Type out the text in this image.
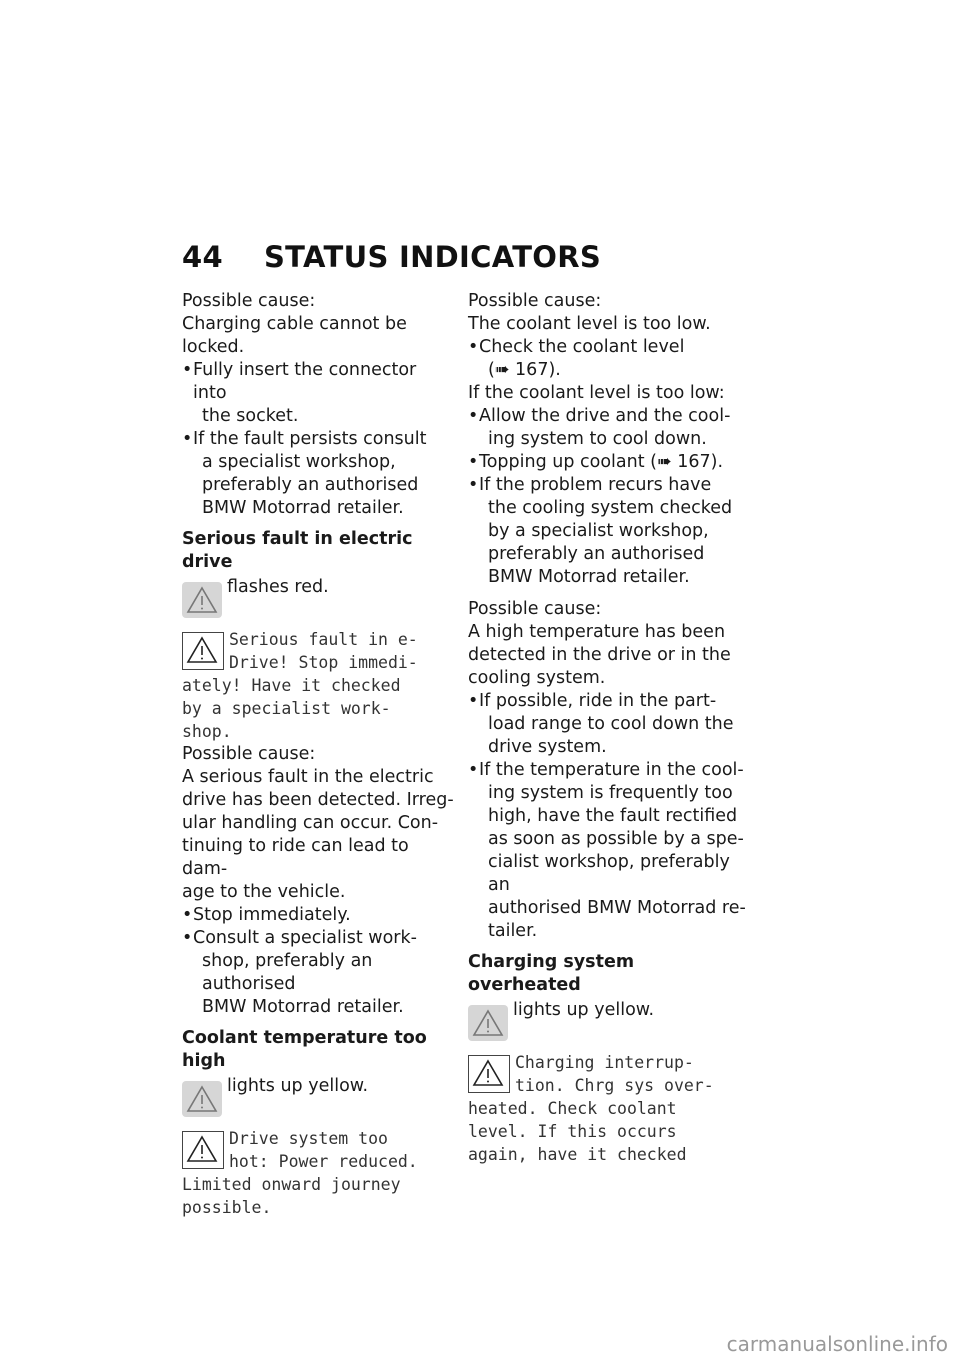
44 STATUS INDICATORS

Possible cause:

Charging cable cannot be locked.

• Fully insert the connector into
the socket.
• If the fault persists consult
a specialist workshop,
preferably an authorised
BMW Motorrad retailer.

Serious fault in electric drive

flashes red.

Serious fault in e-
Drive! Stop immedi-
ately! Have it checked
by a specialist work-
shop.

Possible cause:

A serious fault in the electric
drive has been detected. Irreg-
ular handling can occur. Con-
tinuing to ride can lead to dam-
age to the vehicle.
• Stop immediately.
• Consult a specialist work-
shop, preferably an authorised
BMW Motorrad retailer.

Coolant temperature too high

lights up yellow.

Drive system too
hot: Power reduced.
Limited onward journey
possible.

Possible cause:

The coolant level is too low.

• Check the coolant level
(➠ 167).

If the coolant level is too low:

• Allow the drive and the cool-
ing system to cool down.
• Topping up coolant (➠ 167).
• If the problem recurs have
the cooling system checked
by a specialist workshop,
preferably an authorised
BMW Motorrad retailer.

Possible cause:

A high temperature has been
detected in the drive or in the
cooling system.
• If possible, ride in the part-
load range to cool down the
drive system.
• If the temperature in the cool-
ing system is frequently too
high, have the fault rectified
as soon as possible by a spe-
cialist workshop, preferably an
authorised BMW Motorrad re-
tailer.

Charging system overheated

lights up yellow.

Charging interrup-
tion. Chrg sys over-
heated. Check coolant
level. If this occurs
again, have it checked
carmanualsonline.info
